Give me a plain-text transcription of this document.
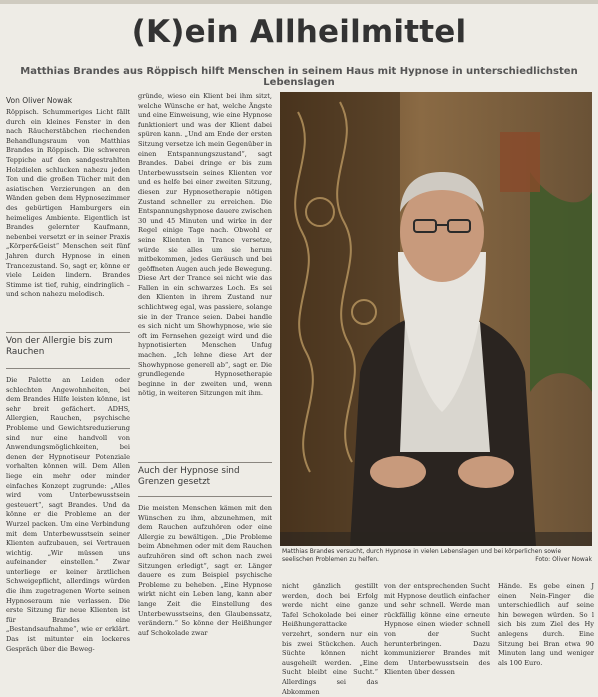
(K)ein Allheilmittel
Matthias Brandes aus Röppisch hilft Menschen in seinem Haus mit Hypnose in unterschiedlichsten Lebenslagen
Von Oliver Nowak

Röppisch. Schummeriges Licht fällt durch ein kleines Fenster in den nach Räucherstäbchen riechenden Behandlungsraum von Matthias Brandes in Röppisch. Die schweren Teppiche auf den sandgestrahlten Holzdielen schlucken nahezu jeden Ton und die großen Tücher mit den asiatischen Verzierungen an den Wänden geben dem Hypnosezimmer des gebürtigen Hamburgers ein heimeliges Ambiente. Eigentlich ist Brandes gelernter Kaufmann, nebenbei versetzt er in seiner Praxis „Körper&Geist“ Menschen seit fünf Jahren durch Hypnose in einen Trancezustand. So, sagt er, könne er viele Leiden lindern. Brandes Stimme ist tief, ruhig, eindringlich – und schon nahezu melodisch.

Von der Allergie bis zum Rauchen

Die Palette an Leiden oder schlechten Angewohnheiten, bei dem Brandes Hilfe leisten könne, ist sehr breit gefächert. ADHS, Allergien, Rauchen, psychische Probleme und Gewichtsreduzierung sind nur eine handvoll von Anwendungsmöglichkeiten, bei denen der Hypnotiseur Potenziale vorhalten können will. Dem Allen liege ein mehr oder minder einfaches Konzept zugrunde: „Alles wird vom Unterbewusstsein gesteuert“, sagt Brandes. Und da könne er die Probleme an der Wurzel packen. Um eine Verbindung mit dem Unterbewusstsein seiner Klienten aufzubauen, sei Vertrauen wichtig. „Wir müssen uns aufeinander einstellen.“ Zwar unterliege er keiner ärztlichen Schweigepflicht, allerdings würden die ihm zugetragenen Worte seinen Hypnoseraum nie verlassen. Die erste Sitzung für neue Klienten ist für Brandes eine „Bestandsaufnahme“, wie er erklärt. Das ist mitunter ein lockeres Gespräch über die Beweg-

gründe, wieso ein Klient bei ihm sitzt, welche Wünsche er hat, welche Ängste und eine Einweisung, wie eine Hypnose funktioniert und was der Klient dabei spüren kann. „Und am Ende der ersten Sitzung versetze ich mein Gegenüber in einen Entspannungszustand“, sagt Brandes. Dabei dringe er bis zum Unterbewusstsein seines Klienten vor und es helfe bei einer zweiten Sitzung, diesen zur Hypnosetherapie nötigen Zustand schneller zu erreichen. Die Entspannungshypnose dauere zwischen 30 und 45 Minuten und wirke in der Regel einige Tage nach. Obwohl er seine Klienten in Trance versetze, würde sie alles um sie herum mitbekommen, jedes Geräusch und bei geöffneten Augen auch jede Bewegung. Diese Art der Trance sei nicht wie das Fallen in ein schwarzes Loch. Es sei den Klienten in ihrem Zustand nur schlichtweg egal, was passiere, solange sie in der Trance seien. Dabei handle es sich nicht um Showhypnose, wie sie oft im Fernsehen gezeigt wird und die hypnotisierten Menschen Unfug machen. „Ich lehne diese Art der Showhypnose generell ab“, sagt er. Die grundlegende Hypnosetherapie beginne in der zweiten und, wenn nötig, in weiteren Sitzungen mit ihm.

Auch der Hypnose sind Grenzen gesetzt

Die meisten Menschen kämen mit den Wünschen zu ihm, abzunehmen, mit dem Rauchen aufzuhören oder eine Allergie zu bewältigen. „Die Probleme beim Abnehmen oder mit dem Rauchen aufzuhören sind oft schon nach zwei Sitzungen erledigt“, sagt er. Länger dauere es zum Beispiel psychische Probleme zu beheben. „Eine Hypnose wirkt nicht ein Leben lang, kann aber lange Zeit die Einstellung des Unterbewusstseins, den Glaubenssatz, verändern.“ So könne der Heißhunger auf Schokolade zwar

Matthias Brandes versucht, durch Hypnose in vielen Lebenslagen und bei körperlichen sowie seelischen Problemen zu helfen.	Foto: Oliver Nowak

nicht gänzlich gestillt werden, doch bei Erfolg werde nicht eine ganze Tafel Schokolade bei einer Heißhungerattacke verzehrt, sondern nur ein bis zwei Stückchen. Auch Süchte können nicht ausgeheilt werden. „Eine Sucht bleibt eine Sucht.“ Allerdings sei das Abkommen

von der entsprechenden Sucht mit Hypnose deutlich einfacher und sehr schnell. Werde man rückfällig könne eine erneute Hypnose einen wieder schnell von der Sucht herunterbringen. Dazu kommunizierer Brandes mit dem Unterbewusstsein des Klienten über dessen

Hände. Es gebe einen J einen Nein-Finger die unterschiedlich auf seine hin bewegen würden. So l sich bis zum Ziel des Hy anlegens durch. Eine Sitzung bei Bran etwa 90 Minuten lang und weniger als 100 Euro.
